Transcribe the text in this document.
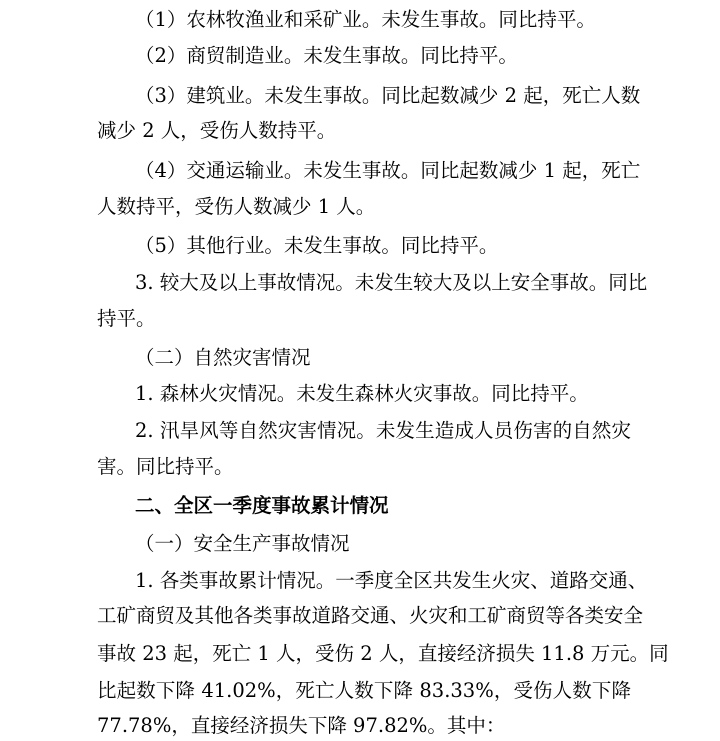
（1）农林牧渔业和采矿业。未发生事故。同比持平。
（2）商贸制造业。未发生事故。同比持平。
（3）建筑业。未发生事故。同比起数减少 2 起，死亡人数
减少 2 人，受伤人数持平。
（4）交通运输业。未发生事故。同比起数减少 1 起，死亡
人数持平，受伤人数减少 1 人。
（5）其他行业。未发生事故。同比持平。
3. 较大及以上事故情况。未发生较大及以上安全事故。同比
持平。
（二）自然灾害情况
1. 森林火灾情况。未发生森林火灾事故。同比持平。
2. 汛旱风等自然灾害情况。未发生造成人员伤害的自然灾
害。同比持平。
二、全区一季度事故累计情况
（一）安全生产事故情况
1. 各类事故累计情况。一季度全区共发生火灾、道路交通、
工矿商贸及其他各类事故道路交通、火灾和工矿商贸等各类安全
事故 23 起，死亡 1 人，受伤 2 人，直接经济损失 11.8 万元。同
比起数下降 41.02%，死亡人数下降 83.33%，受伤人数下降
77.78%，直接经济损失下降 97.82%。其中：
